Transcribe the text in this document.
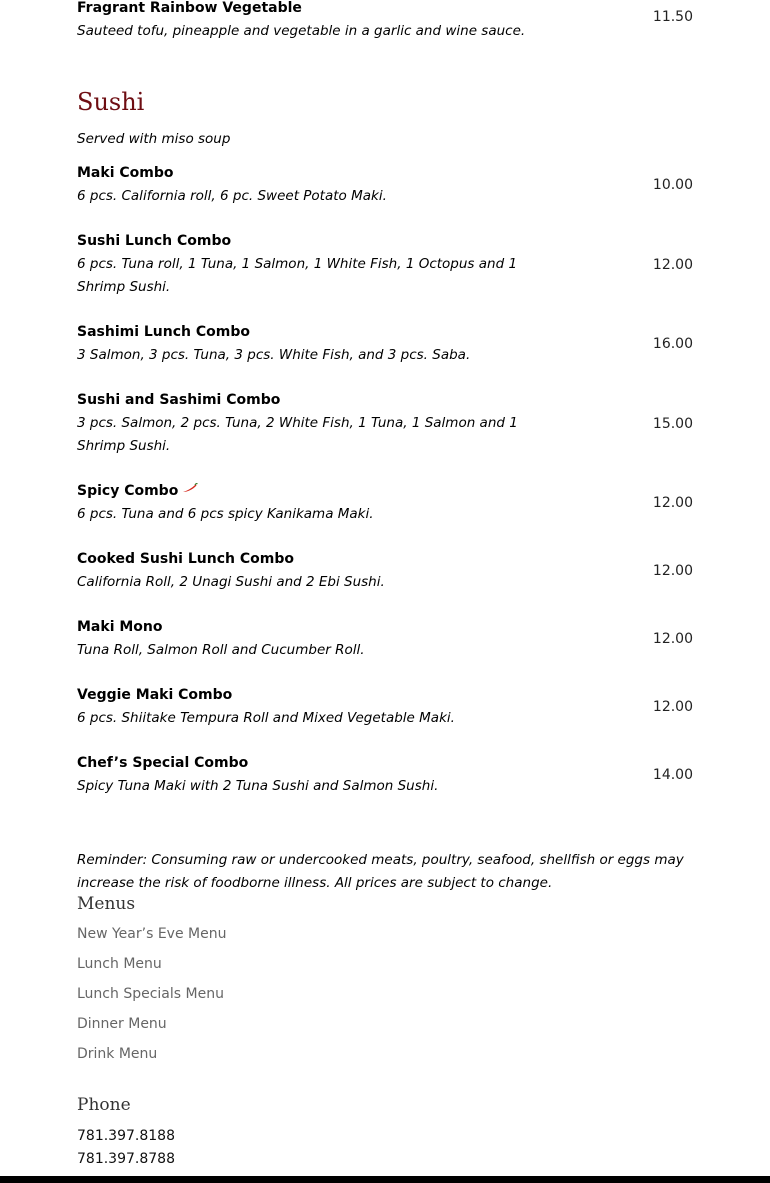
Fragrant Rainbow Vegetable
Sauteed tofu, pineapple and vegetable in a garlic and wine sauce.
11.50
Sushi
Served with miso soup
Maki Combo
6 pcs. California roll, 6 pc. Sweet Potato Maki.
10.00
Sushi Lunch Combo
6 pcs. Tuna roll, 1 Tuna, 1 Salmon, 1 White Fish, 1 Octopus and 1 Shrimp Sushi.
12.00
Sashimi Lunch Combo
3 Salmon, 3 pcs. Tuna, 3 pcs. White Fish, and 3 pcs. Saba.
16.00
Sushi and Sashimi Combo
3 pcs. Salmon, 2 pcs. Tuna, 2 White Fish, 1 Tuna, 1 Salmon and 1 Shrimp Sushi.
15.00
Spicy Combo
6 pcs. Tuna and 6 pcs spicy Kanikama Maki.
12.00
Cooked Sushi Lunch Combo
California Roll, 2 Unagi Sushi and 2 Ebi Sushi.
12.00
Maki Mono
Tuna Roll, Salmon Roll and Cucumber Roll.
12.00
Veggie Maki Combo
6 pcs. Shiitake Tempura Roll and Mixed Vegetable Maki.
12.00
Chef’s Special Combo
Spicy Tuna Maki with 2 Tuna Sushi and Salmon Sushi.
14.00
Reminder: Consuming raw or undercooked meats, poultry, seafood, shellfish or eggs may increase the risk of foodborne illness. All prices are subject to change.
Menus
New Year’s Eve Menu
Lunch Menu
Lunch Specials Menu
Dinner Menu
Drink Menu
Phone
781.397.8188
781.397.8788
